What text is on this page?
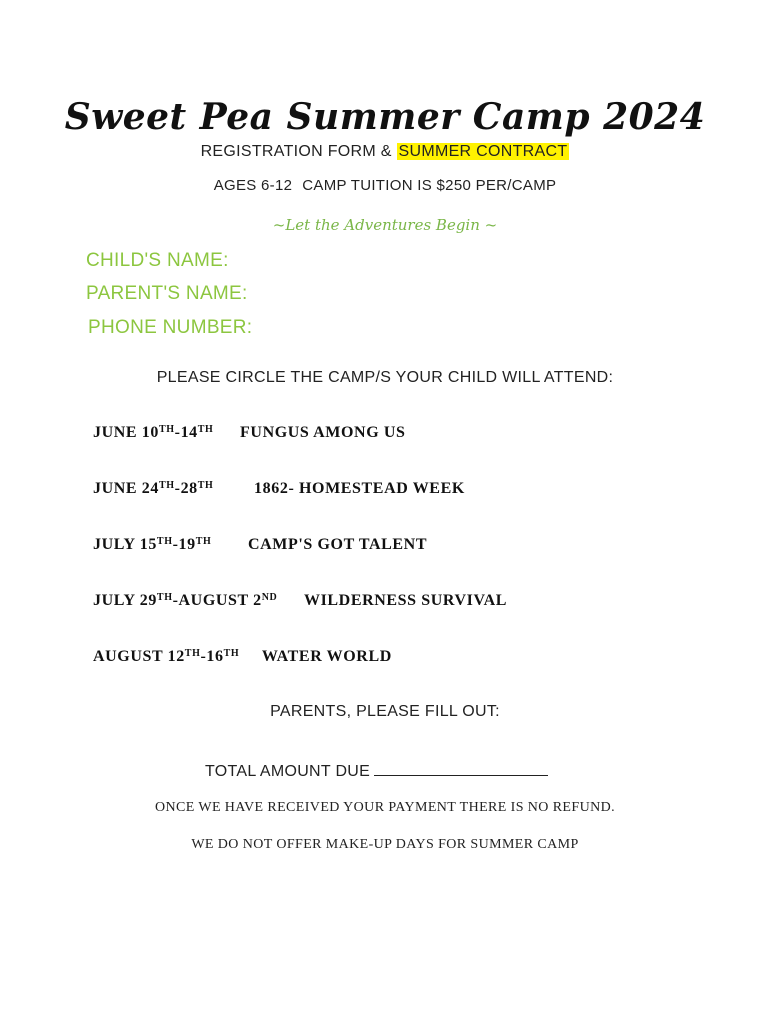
Sweet Pea Summer Camp 2024
REGISTRATION FORM & SUMMER CONTRACT
AGES 6-12 CAMP TUITION IS $250 PER/CAMP
~Let the Adventures Begin ~
CHILD'S NAME:
PARENT'S NAME:
PHONE NUMBER:
PLEASE CIRCLE THE CAMP/S YOUR CHILD WILL ATTEND:
JUNE 10TH-14TH FUNGUS AMONG US
JUNE 24TH-28TH	1862- HOMESTEAD WEEK
JULY 15TH-19TH CAMP'S GOT TALENT
JULY 29TH-AUGUST 2ND WILDERNESS SURVIVAL
AUGUST 12TH-16TH WATER WORLD
PARENTS, PLEASE FILL OUT:
TOTAL AMOUNT DUE
ONCE WE HAVE RECEIVED YOUR PAYMENT THERE IS NO REFUND.
WE DO NOT OFFER MAKE-UP DAYS FOR SUMMER CAMP
